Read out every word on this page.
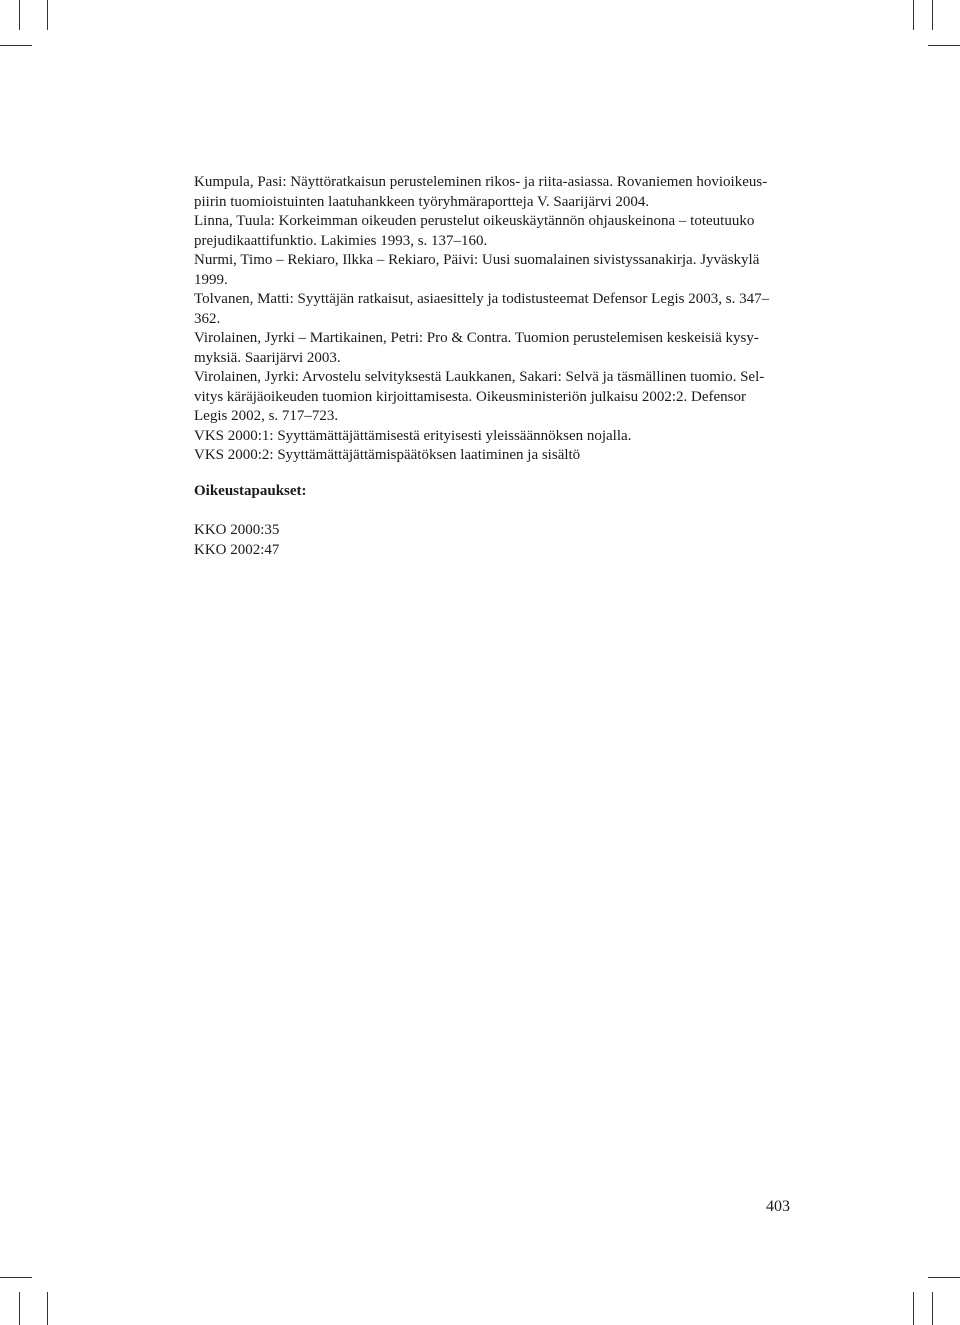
Kumpula, Pasi: Näyttöratkaisun perusteleminen rikos- ja riita-asiassa. Rovaniemen hovioikeus-
piirin tuomioistuinten laatuhankkeen työryhmäraportteja V. Saarijärvi 2004.

Linna, Tuula: Korkeimman oikeuden perustelut oikeuskäytännön ohjauskeinona – toteutuuko
prejudikaattifunktio. Lakimies 1993, s. 137–160.

Nurmi, Timo – Rekiaro, Ilkka – Rekiaro, Päivi: Uusi suomalainen sivistyssanakirja. Jyväskylä
1999.

Tolvanen, Matti: Syyttäjän ratkaisut, asiaesittely ja todistusteemat Defensor Legis 2003, s. 347–
362.

Virolainen, Jyrki – Martikainen, Petri: Pro & Contra. Tuomion perustelemisen keskeisiä kysy-
myksiä. Saarijärvi 2003.

Virolainen, Jyrki: Arvostelu selvityksestä Laukkanen, Sakari: Selvä ja täsmällinen tuomio. Sel-
vitys käräjäoikeuden tuomion kirjoittamisesta. Oikeusministeriön julkaisu 2002:2. Defensor
Legis 2002, s. 717–723.

VKS 2000:1: Syyttämättäjättämisestä erityisesti yleissäännöksen nojalla.

VKS 2000:2: Syyttämättäjättämispäätöksen laatiminen ja sisältö

Oikeustapaukset:
KKO 2000:35
KKO 2002:47
403
